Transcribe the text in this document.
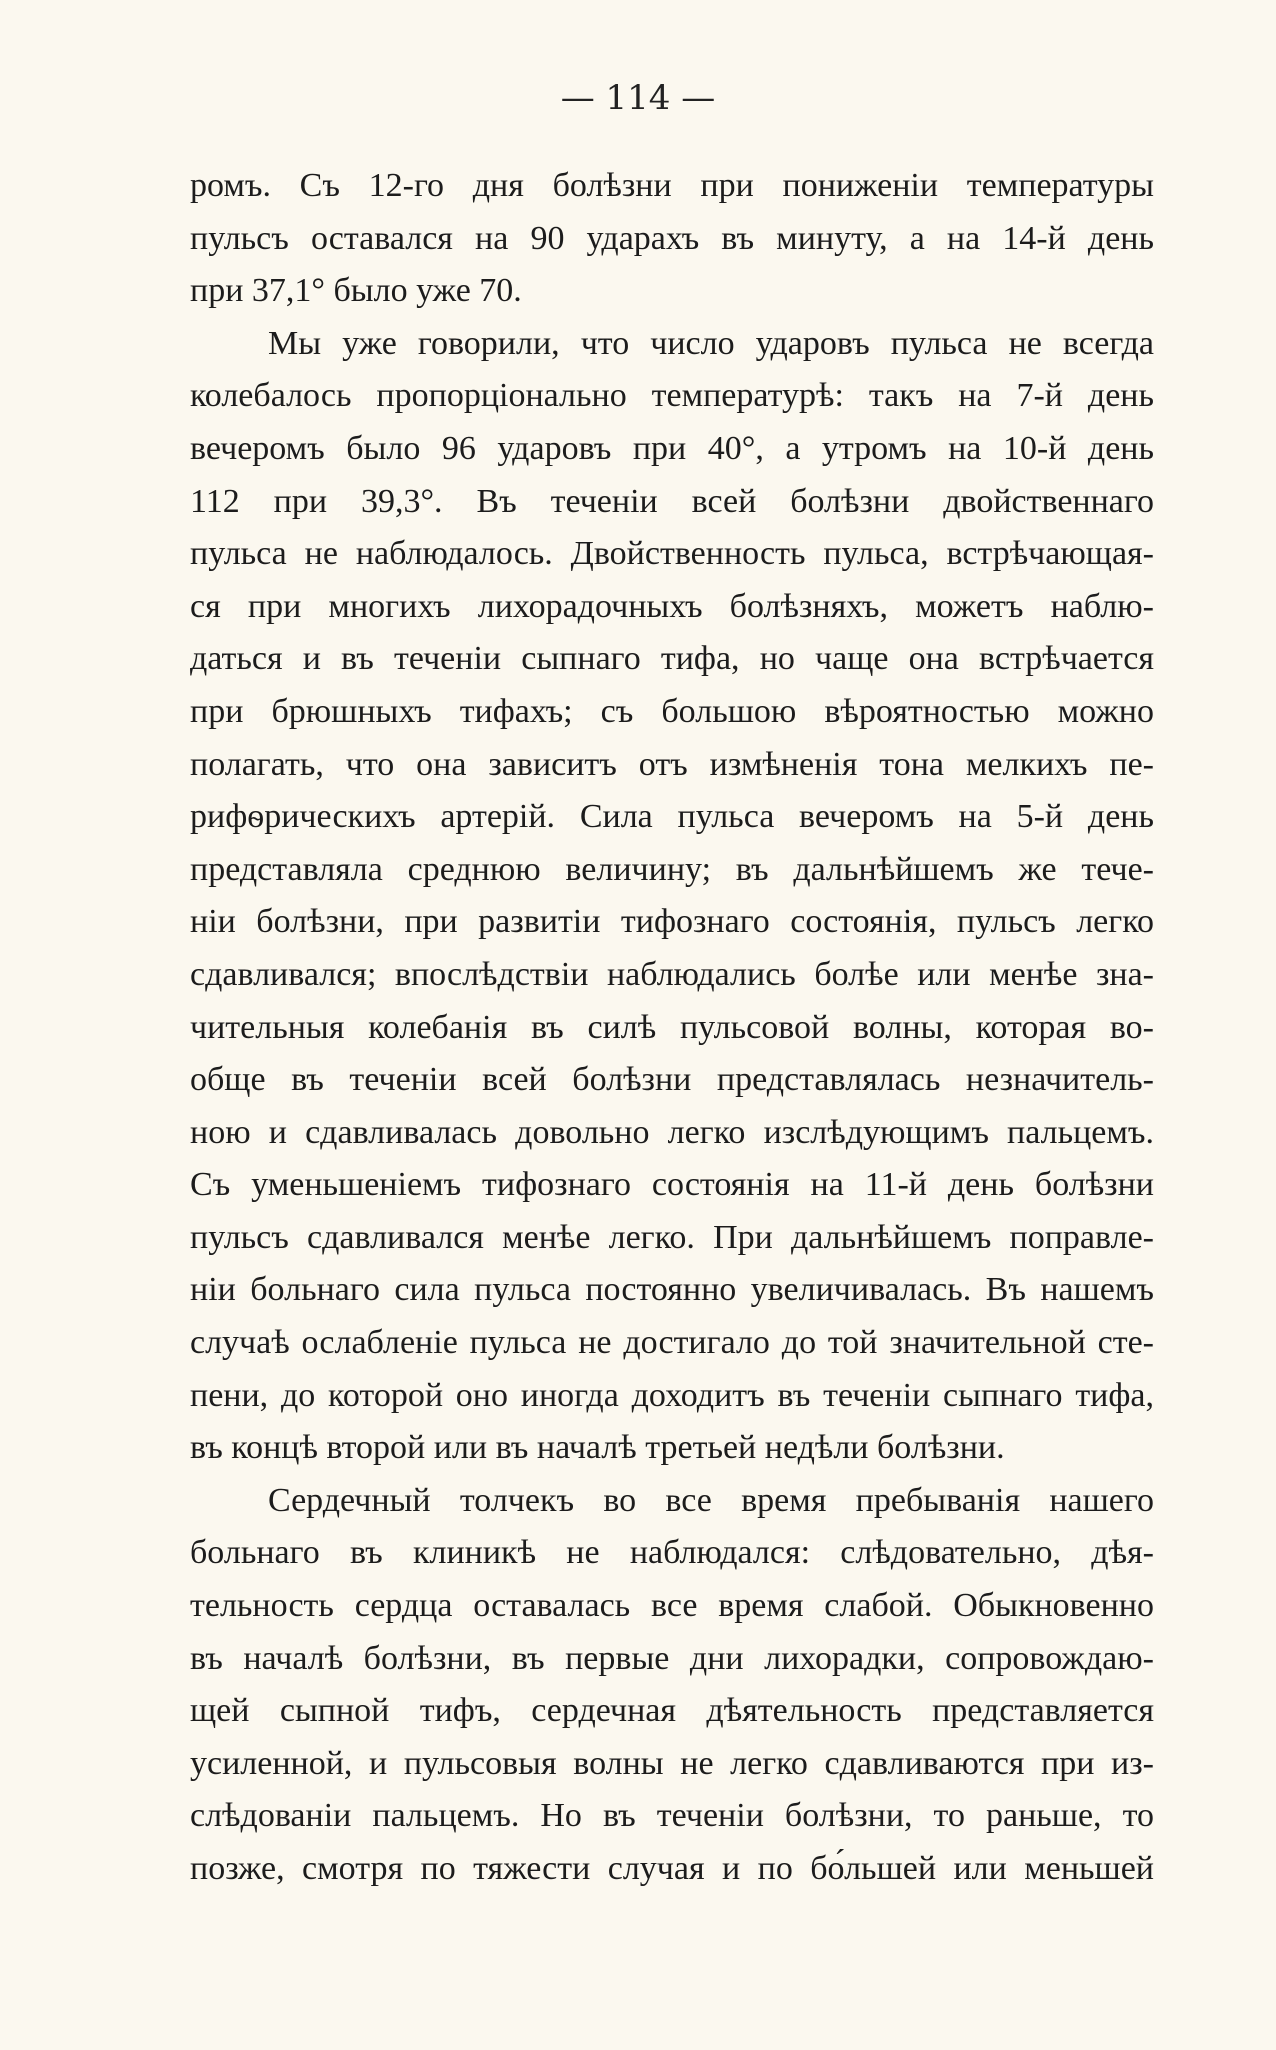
— 114 —
ромъ. Съ 12-го дня болѣзни при пониженіи температуры
пульсъ оставался на 90 ударахъ въ минуту, а на 14-й день
при 37,1° было уже 70.
Мы уже говорили, что число ударовъ пульса не всегда
колебалось пропорціонально температурѣ: такъ на 7-й день
вечеромъ было 96 ударовъ при 40°, а утромъ на 10-й день
112 при 39,3°. Въ теченіи всей болѣзни двойственнаго
пульса не наблюдалось. Двойственность пульса, встрѣчающая-
ся при многихъ лихорадочныхъ болѣзняхъ, можетъ наблю-
даться и въ теченіи сыпнаго тифа, но чаще она встрѣчается
при брюшныхъ тифахъ; съ большою вѣроятностью можно
полагать, что она зависитъ отъ измѣненія тона мелкихъ пе-
рифѳрическихъ артерій. Сила пульса вечеромъ на 5-й день
представляла среднюю величину; въ дальнѣйшемъ же тече-
ніи болѣзни, при развитіи тифознаго состоянія, пульсъ легко
сдавливался; впослѣдствіи наблюдались болѣе или менѣе зна-
чительныя колебанія въ силѣ пульсовой волны, которая во-
обще въ теченіи всей болѣзни представлялась незначитель-
ною и сдавливалась довольно легко изслѣдующимъ пальцемъ.
Съ уменьшеніемъ тифознаго состоянія на 11-й день болѣзни
пульсъ сдавливался менѣе легко. При дальнѣйшемъ поправле-
ніи больнаго сила пульса постоянно увеличивалась. Въ нашемъ
случаѣ ослабленіе пульса не достигало до той значительной сте-
пени, до которой оно иногда доходитъ въ теченіи сыпнаго тифа,
въ концѣ второй или въ началѣ третьей недѣли болѣзни.
Сердечный толчекъ во все время пребыванія нашего
больнаго въ клиникѣ не наблюдался: слѣдовательно, дѣя-
тельность сердца оставалась все время слабой. Обыкновенно
въ началѣ болѣзни, въ первые дни лихорадки, сопровождаю-
щей сыпной тифъ, сердечная дѣятельность представляется
усиленной, и пульсовыя волны не легко сдавливаются при из-
слѣдованіи пальцемъ. Но въ теченіи болѣзни, то раньше, то
позже, смотря по тяжести случая и по бо́льшей или меньшей
